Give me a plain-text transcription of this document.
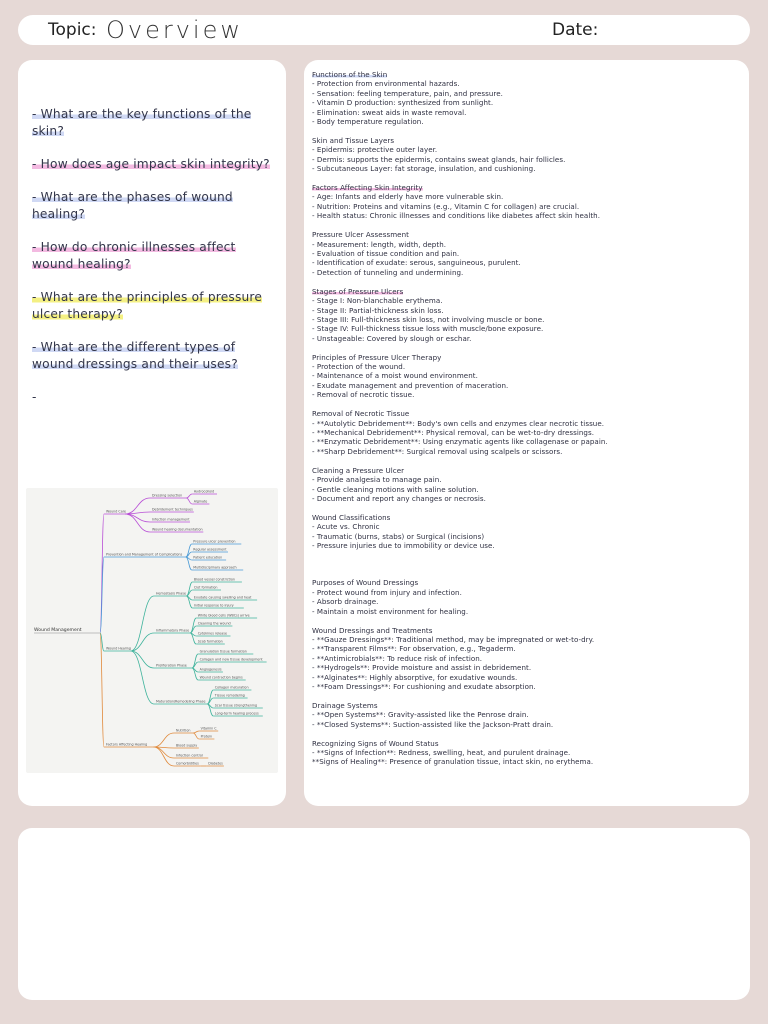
Topic: Overview	Date:
- What are the key functions of the skin?
- How does age impact skin integrity?
- What are the phases of wound healing?
- How do chronic illnesses affect wound healing?
- What are the principles of pressure ulcer therapy?
- What are the different types of wound dressings and their uses?
-
Wound Management
Wound Care
Dressing selection
Hydrocolloid
Alginate
Debridement techniques
Infection management
Wound healing documentation
Prevention and Management of Complications
Pressure ulcer prevention
Regular assessment
Patient education
Multidisciplinary approach
Wound Healing
Hemostasis Phase
Blood vessel constriction
Clot formation
Exudate causing swelling and heat
Initial response to injury
Inflammatory Phase
White blood cells (WBCs) arrive
Cleaning the wound
Cytokines release
Scab formation
Proliferation Phase
Granulation tissue formation
Collagen and new tissue development
Angiogenesis
Wound contraction begins
Maturation/Remodeling Phase
Collagen maturation
Tissue remodeling
Scar tissue strengthening
Long-term healing process
Factors Affecting Healing
Nutrition	Vitamin C
Protein
Blood supply
Infection control
Comorbidities	Diabetes
Functions of the Skin
- Protection from environmental hazards.
- Sensation: feeling temperature, pain, and pressure.
- Vitamin D production: synthesized from sunlight.
- Elimination: sweat aids in waste removal.
- Body temperature regulation.
Skin and Tissue Layers
- Epidermis: protective outer layer.
- Dermis: supports the epidermis, contains sweat glands, hair follicles.
- Subcutaneous Layer: fat storage, insulation, and cushioning.
Factors Affecting Skin Integrity
- Age: Infants and elderly have more vulnerable skin.
- Nutrition: Proteins and vitamins (e.g., Vitamin C for collagen) are crucial.
- Health status: Chronic illnesses and conditions like diabetes affect skin health.
Pressure Ulcer Assessment
- Measurement: length, width, depth.
- Evaluation of tissue condition and pain.
- Identification of exudate: serous, sanguineous, purulent.
- Detection of tunneling and undermining.
Stages of Pressure Ulcers
- Stage I: Non-blanchable erythema.
- Stage II: Partial-thickness skin loss.
- Stage III: Full-thickness skin loss, not involving muscle or bone.
- Stage IV: Full-thickness tissue loss with muscle/bone exposure.
- Unstageable: Covered by slough or eschar.
Principles of Pressure Ulcer Therapy
- Protection of the wound.
- Maintenance of a moist wound environment.
- Exudate management and prevention of maceration.
- Removal of necrotic tissue.
Removal of Necrotic Tissue
- **Autolytic Debridement**: Body's own cells and enzymes clear necrotic tissue.
- **Mechanical Debridement**: Physical removal, can be wet-to-dry dressings.
- **Enzymatic Debridement**: Using enzymatic agents like collagenase or papain.
- **Sharp Debridement**: Surgical removal using scalpels or scissors.
Cleaning a Pressure Ulcer
- Provide analgesia to manage pain.
- Gentle cleaning motions with saline solution.
- Document and report any changes or necrosis.
Wound Classifications
- Acute vs. Chronic
- Traumatic (burns, stabs) or Surgical (incisions)
- Pressure injuries due to immobility or device use.
Purposes of Wound Dressings
- Protect wound from injury and infection.
- Absorb drainage.
- Maintain a moist environment for healing.
Wound Dressings and Treatments
- **Gauze Dressings**: Traditional method, may be impregnated or wet-to-dry.
- **Transparent Films**: For observation, e.g., Tegaderm.
- **Antimicrobials**: To reduce risk of infection.
- **Hydrogels**: Provide moisture and assist in debridement.
- **Alginates**: Highly absorptive, for exudative wounds.
- **Foam Dressings**: For cushioning and exudate absorption.
Drainage Systems
- **Open Systems**: Gravity-assisted like the Penrose drain.
- **Closed Systems**: Suction-assisted like the Jackson-Pratt drain.
Recognizing Signs of Wound Status
- **Signs of Infection**: Redness, swelling, heat, and purulent drainage.
**Signs of Healing**: Presence of granulation tissue, intact skin, no erythema.
